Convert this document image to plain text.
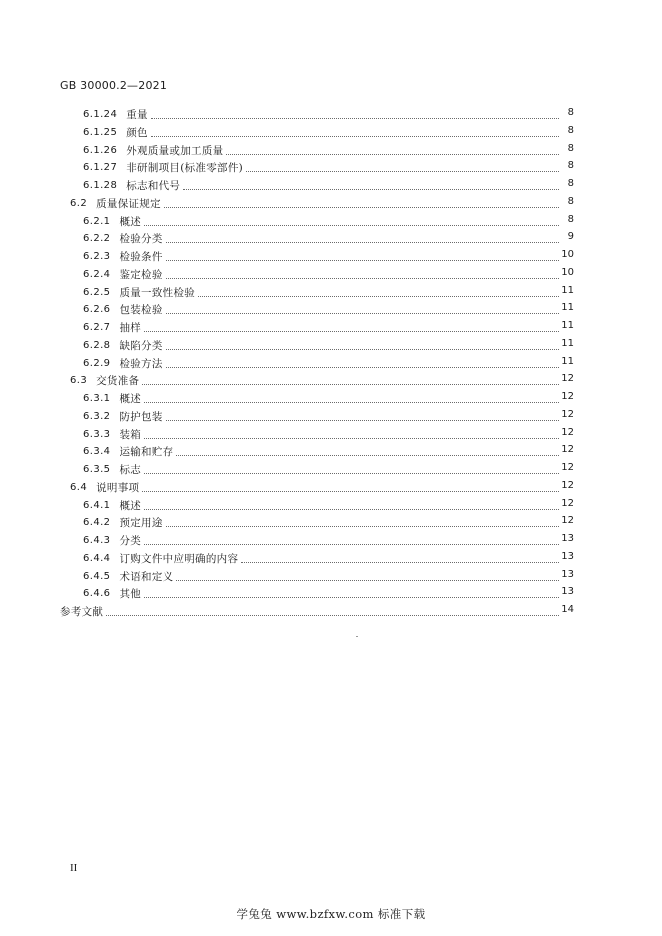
GB 30000.2—2021
6.1.24 重量	8
6.1.25 颜色	8
6.1.26 外观质量或加工质量	8
6.1.27 非研制项目(标准零部件)	8
6.1.28 标志和代号	8
6.2 质量保证规定	8
6.2.1 概述	8
6.2.2 检验分类	9
6.2.3 检验条件	10
6.2.4 鉴定检验	10
6.2.5 质量一致性检验	11
6.2.6 包装检验	11
6.2.7 抽样	11
6.2.8 缺陷分类	11
6.2.9 检验方法	11
6.3 交货准备	12
6.3.1 概述	12
6.3.2 防护包装	12
6.3.3 装箱	12
6.3.4 运输和贮存	12
6.3.5 标志	12
6.4 说明事项	12
6.4.1 概述	12
6.4.2 预定用途	12
6.4.3 分类	13
6.4.4 订购文件中应明确的内容	13
6.4.5 术语和定义	13
6.4.6 其他	13
参考文献	14
II
学兔兔 www.bzfxw.com 标准下载
